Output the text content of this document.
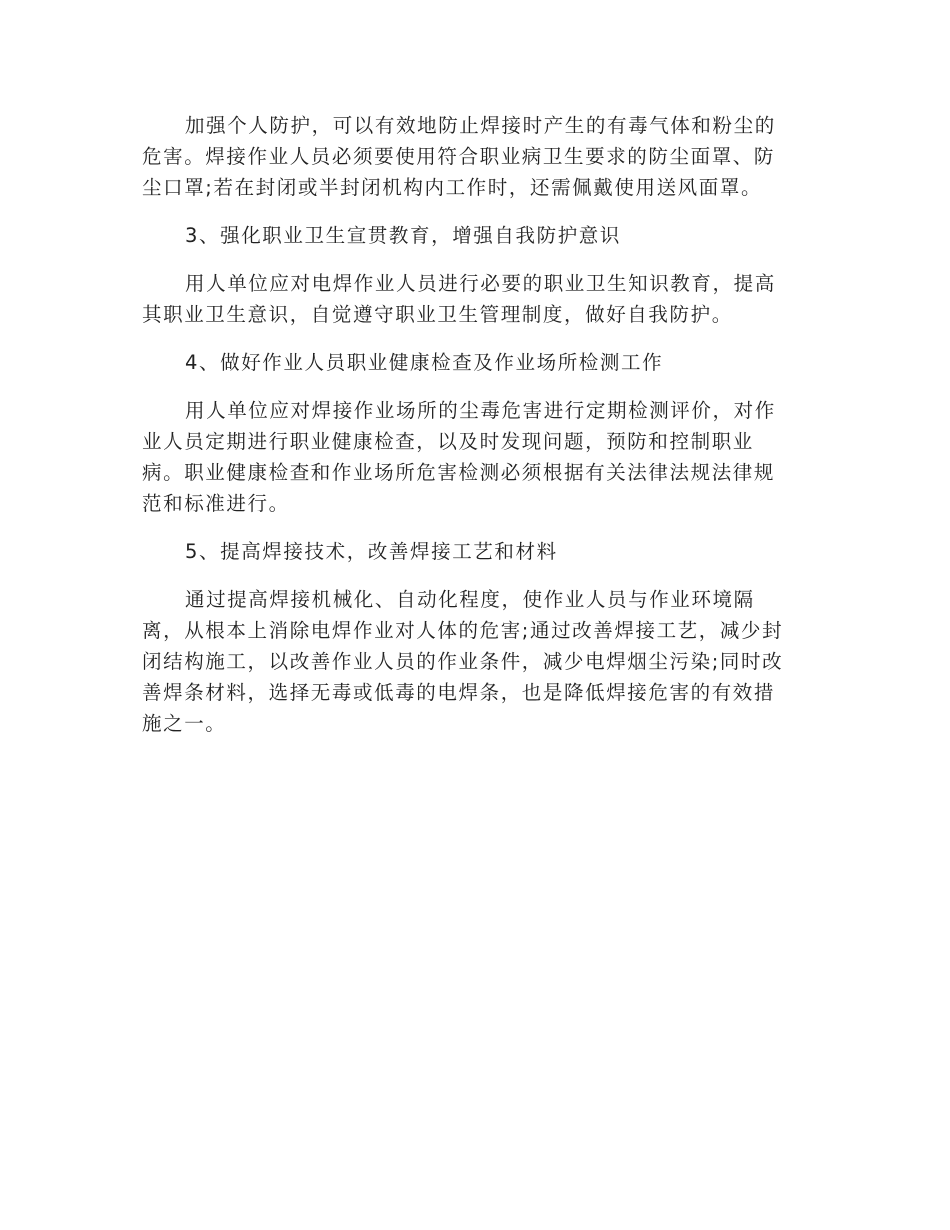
加强个人防护，可以有效地防止焊接时产生的有毒气体和粉尘的
危害。焊接作业人员必须要使用符合职业病卫生要求的防尘面罩、防
尘口罩;若在封闭或半封闭机构内工作时，还需佩戴使用送风面罩。
3、强化职业卫生宣贯教育，增强自我防护意识
用人单位应对电焊作业人员进行必要的职业卫生知识教育，提高
其职业卫生意识，自觉遵守职业卫生管理制度，做好自我防护。
4、做好作业人员职业健康检查及作业场所检测工作
用人单位应对焊接作业场所的尘毒危害进行定期检测评价，对作
业人员定期进行职业健康检查，以及时发现问题，预防和控制职业
病。职业健康检查和作业场所危害检测必须根据有关法律法规法律规
范和标准进行。
5、提高焊接技术，改善焊接工艺和材料
通过提高焊接机械化、自动化程度，使作业人员与作业环境隔
离，从根本上消除电焊作业对人体的危害;通过改善焊接工艺，减少封
闭结构施工，以改善作业人员的作业条件，减少电焊烟尘污染;同时改
善焊条材料，选择无毒或低毒的电焊条，也是降低焊接危害的有效措
施之一。
